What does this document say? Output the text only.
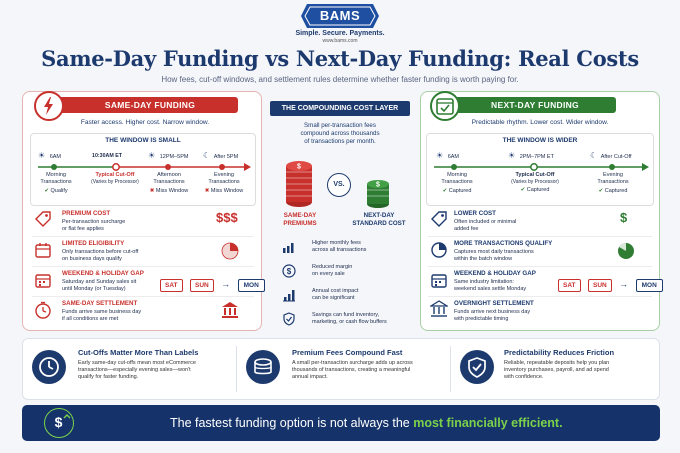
BAMS
Simple. Secure. Payments.
www.bams.com
Same-Day Funding vs Next-Day Funding: Real Costs
How fees, cut-off windows, and settlement rules determine whether faster funding is worth paying for.
SAME-DAY FUNDING
Faster access. Higher cost. Narrow window.
THE WINDOW IS SMALL
☀ 6AM	10:30AM ET	☀ 12PM–5PM ☾ After 5PM
Morning
Transactions
✔ Qualify
Typical Cut-Off
(Varies by Processor)
Afternoon
Transactions
✖ Miss Window
Evening
Transactions
✖ Miss Window
PREMIUM COST
Per-transaction surcharge
or flat fee applies
$$$
LIMITED ELIGIBILITY
Only transactions before cut-off
on business days qualify
WEEKEND & HOLIDAY GAP
Saturday and Sunday sales sit
until Monday (or Tuesday)	SAT	SUN → MON
SAME-DAY SETTLEMENT
Funds arrive same business day
if all conditions are met
THE COMPOUNDING COST LAYER
Small per-transaction fees
compound across thousands
of transactions per month.
$
VS.	$
SAME-DAY
PREMIUMS
NEXT-DAY
STANDARD COST
Higher monthly fees
across all transactions
$	Reduced margin
on every sale
Annual cost impact
can be significant
Savings can fund inventory,
marketing, or cash flow buffers
NEXT-DAY FUNDING
Predictable rhythm. Lower cost. Wider window.
THE WINDOW IS WIDER
☀ 6AM	☀ 2PM–7PM ET	☾ After Cut-Off
Morning
Transactions
✔ Captured
Typical Cut-Off
(Varies by Processor)
✔ Captured
Evening
Transactions
✔ Captured
LOWER COST
Often included or minimal
added fee
$
MORE TRANSACTIONS QUALIFY
Captures most daily transactions
within the batch window
WEEKEND & HOLIDAY GAP
Same industry limitation:
weekend sales settle Monday	SAT	SUN → MON
OVERNIGHT SETTLEMENT
Funds arrive next business day
with predictable timing
Cut-Offs Matter More Than Labels
Early same-day cut-offs mean most eCommerce
transactions—especially evening sales—won't
qualify for faster funding.
Premium Fees Compound Fast
A small per-transaction surcharge adds up across
thousands of transactions, creating a meaningful
annual impact.
Predictability Reduces Friction
Reliable, repeatable deposits help you plan
inventory purchases, payroll, and ad spend
with confidence.
$	The fastest funding option is not always the most financially efficient.
